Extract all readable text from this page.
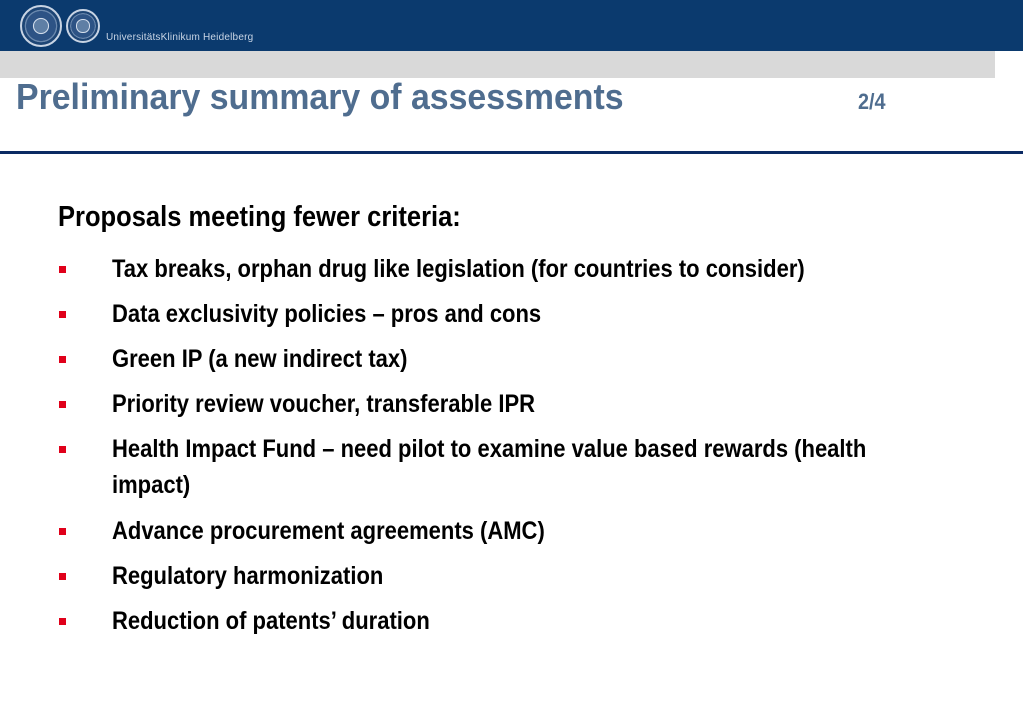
UniversitätsKlinikum Heidelberg
Preliminary summary of assessments	2/4
Proposals meeting fewer criteria:
Tax breaks, orphan drug like legislation (for countries to consider)
Data exclusivity policies – pros and cons
Green IP (a new indirect tax)
Priority review voucher, transferable IPR
Health Impact Fund – need pilot to examine value based rewards (health impact)
Advance procurement agreements (AMC)
Regulatory harmonization
Reduction of patents’ duration
